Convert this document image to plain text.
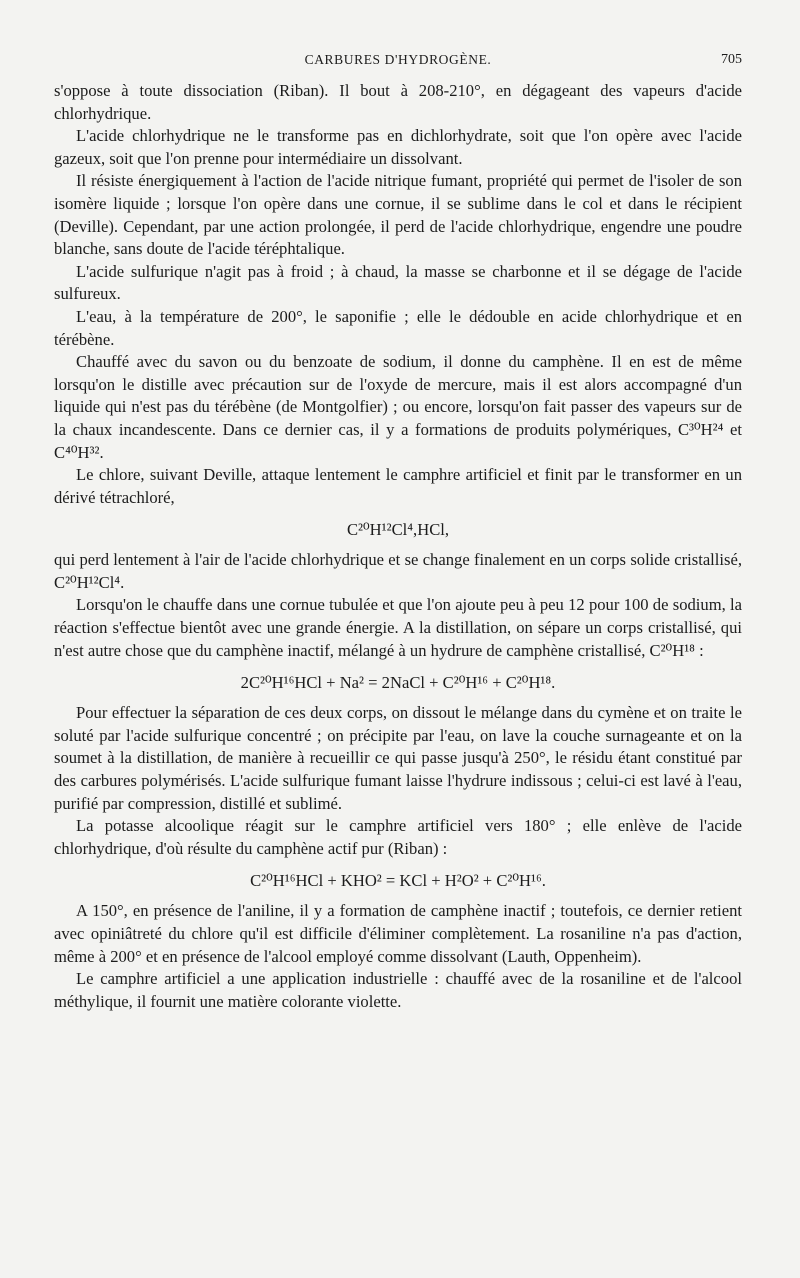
CARBURES D'HYDROGÈNE.	705

s'oppose à toute dissociation (Riban). Il bout à 208-210°, en dégageant des vapeurs d'acide chlorhydrique.

L'acide chlorhydrique ne le transforme pas en dichlorhydrate, soit que l'on opère avec l'acide gazeux, soit que l'on prenne pour intermédiaire un dissolvant.

Il résiste énergiquement à l'action de l'acide nitrique fumant, propriété qui permet de l'isoler de son isomère liquide ; lorsque l'on opère dans une cornue, il se sublime dans le col et dans le récipient (Deville). Cependant, par une action prolongée, il perd de l'acide chlorhydrique, engendre une poudre blanche, sans doute de l'acide téréphtalique.

L'acide sulfurique n'agit pas à froid ; à chaud, la masse se charbonne et il se dégage de l'acide sulfureux.

L'eau, à la température de 200°, le saponifie ; elle le dédouble en acide chlorhydrique et en térébène.

Chauffé avec du savon ou du benzoate de sodium, il donne du camphène. Il en est de même lorsqu'on le distille avec précaution sur de l'oxyde de mercure, mais il est alors accompagné d'un liquide qui n'est pas du térébène (de Montgolfier) ; ou encore, lorsqu'on fait passer des vapeurs sur de la chaux incandescente. Dans ce dernier cas, il y a formations de produits polymériques, C³⁰H²⁴ et C⁴⁰H³².

Le chlore, suivant Deville, attaque lentement le camphre artificiel et finit par le transformer en un dérivé tétrachloré,

C²⁰H¹²Cl⁴,HCl,

qui perd lentement à l'air de l'acide chlorhydrique et se change finalement en un corps solide cristallisé, C²⁰H¹²Cl⁴.

Lorsqu'on le chauffe dans une cornue tubulée et que l'on ajoute peu à peu 12 pour 100 de sodium, la réaction s'effectue bientôt avec une grande énergie. A la distillation, on sépare un corps cristallisé, qui n'est autre chose que du camphène inactif, mélangé à un hydrure de camphène cristallisé, C²⁰H¹⁸ :

2C²⁰H¹⁶HCl + Na² = 2NaCl + C²⁰H¹⁶ + C²⁰H¹⁸.

Pour effectuer la séparation de ces deux corps, on dissout le mélange dans du cymène et on traite le soluté par l'acide sulfurique concentré ; on précipite par l'eau, on lave la couche surnageante et on la soumet à la distillation, de manière à recueillir ce qui passe jusqu'à 250°, le résidu étant constitué par des carbures polymérisés. L'acide sulfurique fumant laisse l'hydrure indissous ; celui-ci est lavé à l'eau, purifié par compression, distillé et sublimé.

La potasse alcoolique réagit sur le camphre artificiel vers 180° ; elle enlève de l'acide chlorhydrique, d'où résulte du camphène actif pur (Riban) :

C²⁰H¹⁶HCl + KHO² = KCl + H²O² + C²⁰H¹⁶.

A 150°, en présence de l'aniline, il y a formation de camphène inactif ; toutefois, ce dernier retient avec opiniâtreté du chlore qu'il est difficile d'éliminer complètement. La rosaniline n'a pas d'action, même à 200° et en présence de l'alcool employé comme dissolvant (Lauth, Oppenheim).

Le camphre artificiel a une application industrielle : chauffé avec de la rosaniline et de l'alcool méthylique, il fournit une matière colorante violette.
